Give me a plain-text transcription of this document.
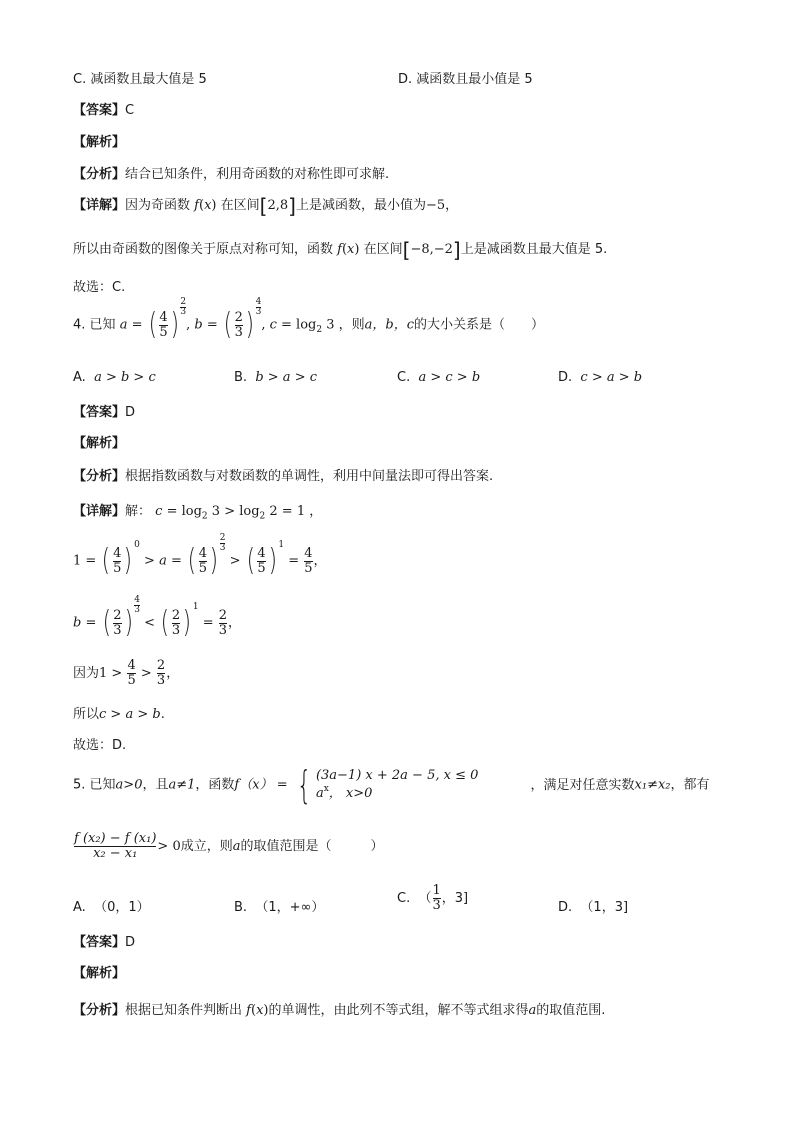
C. 减函数且最大值是 5	D. 减函数且最小值是 5
【答案】C
【解析】
【分析】结合已知条件，利用奇函数的对称性即可求解.
【详解】因为奇函数 f(x) 在区间[2,8]上是减函数，最小值为−5，
所以由奇函数的图像关于原点对称可知，函数 f(x) 在区间[−8,−2]上是减函数且最大值是 5.
故选：C.
4. 已知 a = ( $\frac{4}{5}$ ) $\frac{2}{3}$
, b = ( $\frac{2}{3}$ ) $\frac{4}{3}$
, $c = \log_2 3$ ，则a，b，c的大小关系是（　　）
A. a > b > c	B. b > a > c	C. a > c > b	D. c > a > b
【答案】D
【解析】
【分析】根据指数函数与对数函数的单调性，利用中间量法即可得出答案.
【详解】解： $c = \log_2 3 > \log_2 2 = 1$ ，
1 = ( $\frac{4}{5}$ ) $^0$ > a = ( $\frac{4}{5}$ ) $\frac{2}{3}$
> ( $\frac{4}{5}$ ) $^1 = \frac{4}{5}$ ，
b = ( $\frac{2}{3}$ ) $\frac{4}{3}$
< ( $\frac{2}{3}$ ) $^1 = \frac{2}{3}$ ，
因为$1 > \frac{4}{5} > \frac{2}{3}$ ，
所以c > a > b.
故选：D.
5. 已知a>0，且a≠1，函数f（x） = { (3a−1) x + 2a − 5, x ≤ 0
$a^x$， x>0
，满足对任意实数x₁≠x₂，都有
$\frac{\text{f (x₂) − f (x₁)}}{\text{x₂ − x₁}} > 0$成立，则a的取值范围是（　　　）
A. （0，1）	B. （1，+∞）
C. （ $\frac{1}{3}$ ，3]
D. （1，3]
【答案】D
【解析】
【分析】根据已知条件判断出 f(x)的单调性，由此列不等式组，解不等式组求得a的取值范围.
